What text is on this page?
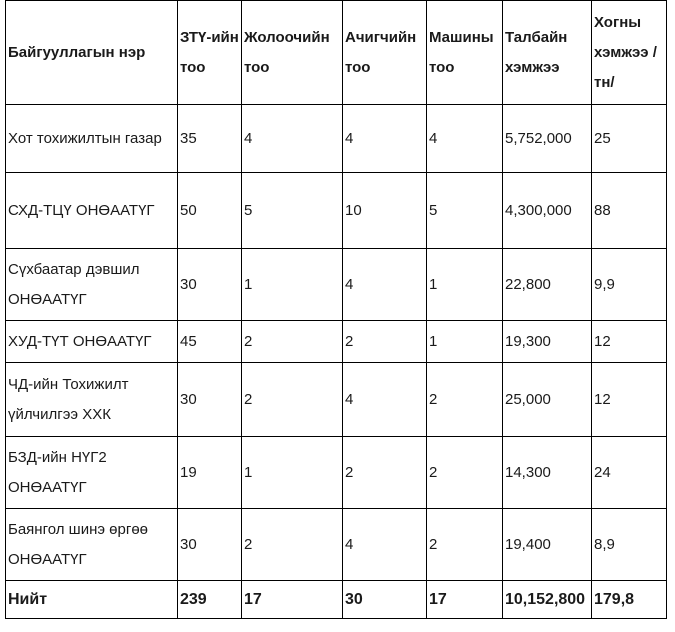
Байгууллагын нэр	ЗТҮ-ийн тоо	Жолоочийн тоо	Ачигчийн тоо	Машины тоо	Талбайн хэмжээ	Хогны хэмжээ /тн/
Хот тохижилтын газар	35	4	4	4	5,752,000	25
СХД-ТЦҮ ОНӨААТҮГ	50	5	10	5	4,300,000	88
Сүхбаатар дэвшил ОНӨААТҮГ	30	1	4	1	22,800	9,9
ХУД-ТҮТ ОНӨААТҮГ	45	2	2	1	19,300	12
ЧД-ийн Тохижилт үйлчилгээ ХХК	30	2	4	2	25,000	12
БЗД-ийн НҮГ2 ОНӨААТҮГ	19	1	2	2	14,300	24
Баянгол шинэ өргөө ОНӨААТҮГ	30	2	4	2	19,400	8,9
Нийт	239	17	30	17	10,152,800	179,8
